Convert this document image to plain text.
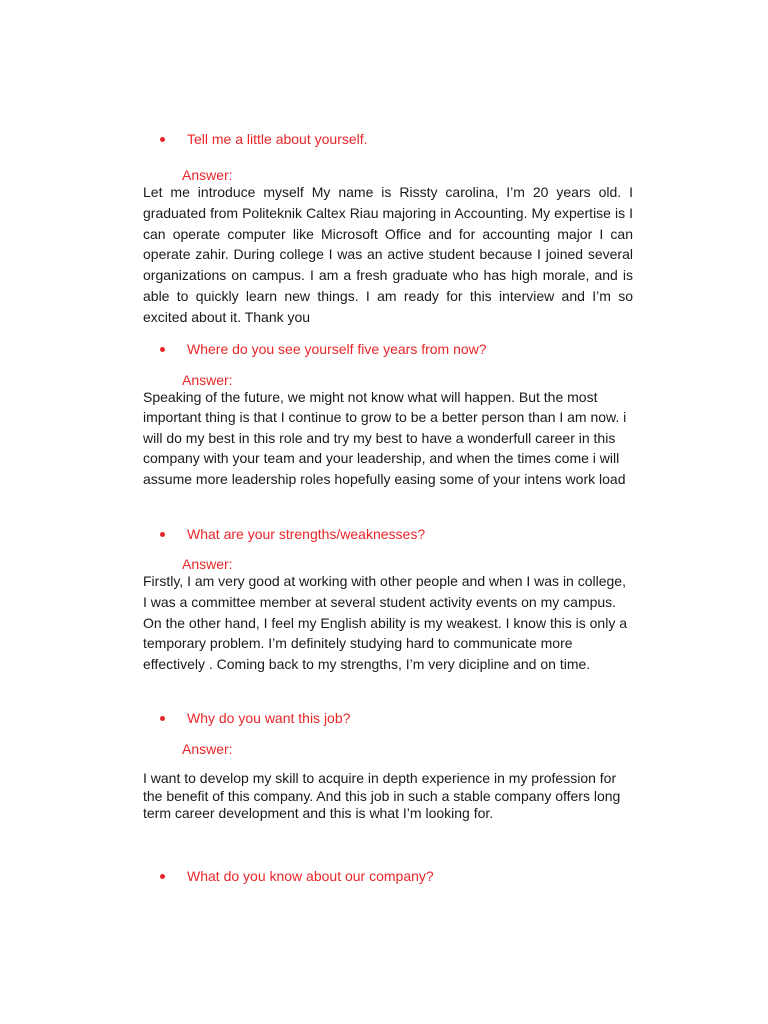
Tell me a little about yourself.
Answer:

Let me introduce myself My name is Rissty carolina, I’m 20 years old. I graduated from Politeknik Caltex Riau majoring in Accounting. My expertise is I can operate computer like Microsoft Office and for accounting major I can operate zahir. During college I was an active student because I joined several organizations on campus. I am a fresh graduate who has high morale, and is able to quickly learn new things. I am ready for this interview and I’m so excited about it. Thank you

Where do you see yourself five years from now?
Answer:

Speaking of the future, we might not know what will happen. But the most important thing is that I continue to grow to be a better person than I am now. i will do my best in this role and try my best to have a wonderfull career in this company with your team and your leadership, and when the times come i will assume more leadership roles hopefully easing some of your intens work load

What are your strengths/weaknesses?
Answer:

Firstly, I am very good at working with other people and when I was in college, I was a committee member at several student activity events on my campus. On the other hand, I feel my English ability is my weakest. I know this is only a temporary problem. I’m definitely studying hard to communicate more effectively . Coming back to my strengths, I’m very dicipline and on time.

Why do you want this job?
Answer:

I want to develop my skill to acquire in depth experience in my profession for the benefit of this company. And this job in such a stable company offers long term career development and this is what I’m looking for.

What do you know about our company?
